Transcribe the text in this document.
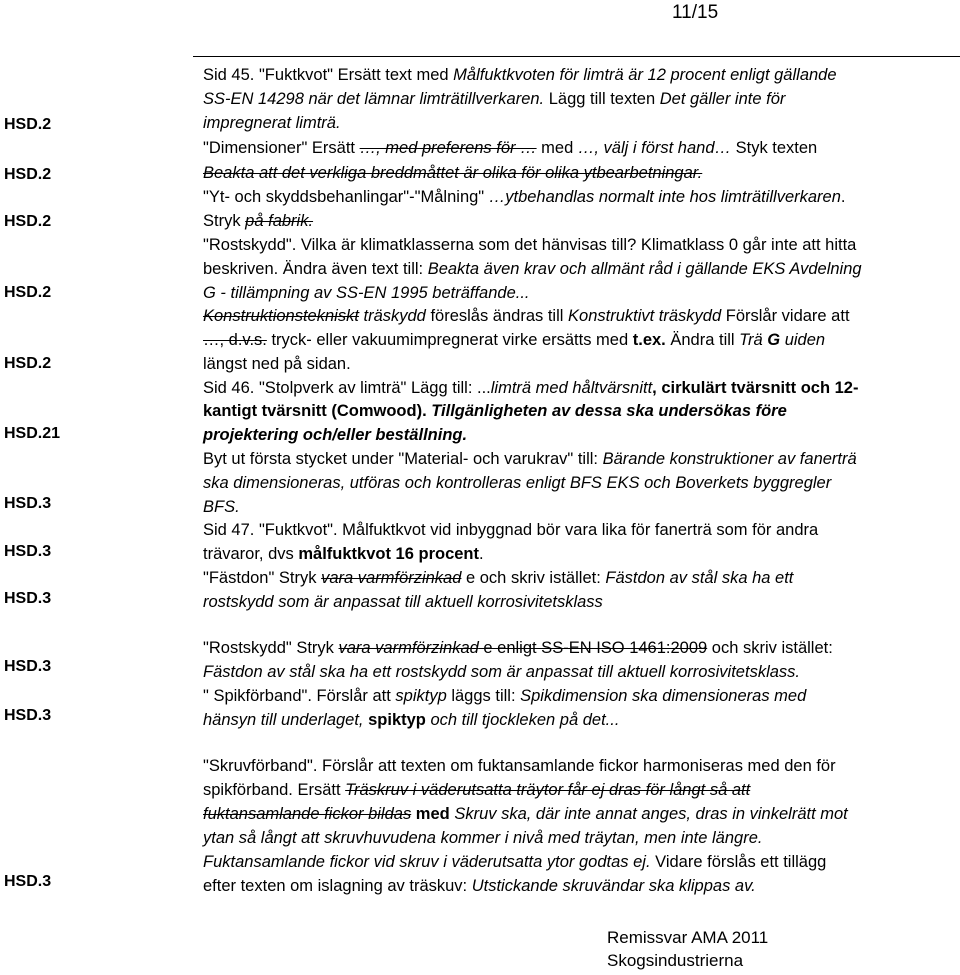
11/15
HSD.2
HSD.2
HSD.2
HSD.2
HSD.2
HSD.21
HSD.3
HSD.3
HSD.3
HSD.3
HSD.3
HSD.3
Sid 45. "Fuktkvot" Ersätt text med Målfuktkvoten för limträ är 12 procent enligt gällande
SS-EN 14298 när det lämnar limträtillverkaren. Lägg till texten Det gäller inte för
impregnerat limträ.
"Dimensioner" Ersätt …, med preferens för … med …, välj i först hand… Styk texten
Beakta att det verkliga breddmåttet är olika för olika ytbearbetningar.
"Yt- och skyddsbehanlingar"-"Målning" …ytbehandlas normalt inte hos limträtillverkaren.
Stryk på fabrik.
"Rostskydd". Vilka är klimatklasserna som det hänvisas till? Klimatklass 0 går inte att hitta
beskriven. Ändra även text till: Beakta även krav och allmänt råd i gällande EKS Avdelning
G - tillämpning av SS-EN 1995 beträffande...
Konstruktionstekniskt träskydd föreslås ändras till Konstruktivt träskydd Förslår vidare att
…, d.v.s. tryck- eller vakuumimpregnerat virke ersätts med t.ex. Ändra till Trä G uiden
längst ned på sidan.
Sid 46. "Stolpverk av limträ" Lägg till: ...limträ med håltvärsnitt, cirkulärt tvärsnitt och 12-
kantigt tvärsnitt (Comwood). Tillgänligheten av dessa ska undersökas före
projektering och/eller beställning.
Byt ut första stycket under "Material- och varukrav" till: Bärande konstruktioner av fanerträ
ska dimensioneras, utföras och kontrolleras enligt BFS EKS och Boverkets byggregler
BFS.
Sid 47. "Fuktkvot". Målfuktkvot vid inbyggnad bör vara lika för fanerträ som för andra
trävaror, dvs målfuktkvot 16 procent.
"Fästdon" Stryk vara varmförzinkad e och skriv istället: Fästdon av stål ska ha ett
rostskydd som är anpassat till aktuell korrosivitetsklass
"Rostskydd" Stryk vara varmförzinkad e enligt SS-EN ISO 1461:2009 och skriv istället:
Fästdon av stål ska ha ett rostskydd som är anpassat till aktuell korrosivitetsklass.
" Spikförband". Förslår att spiktyp läggs till: Spikdimension ska dimensioneras med
hänsyn till underlaget, spiktyp och till tjockleken på det...
"Skruvförband". Förslår att texten om fuktansamlande fickor harmoniseras med den för
spikförband. Ersätt Träskruv i väderutsatta träytor får ej dras för långt så att
fuktansamlande fickor bildas med Skruv ska, där inte annat anges, dras in vinkelrätt mot
ytan så långt att skruvhuvudena kommer i nivå med träytan, men inte längre.
Fuktansamlande fickor vid skruv i väderutsatta ytor godtas ej. Vidare förslås ett tillägg
efter texten om islagning av träskuv: Utstickande skruvändar ska klippas av.
Remissvar AMA 2011
Skogsindustrierna
